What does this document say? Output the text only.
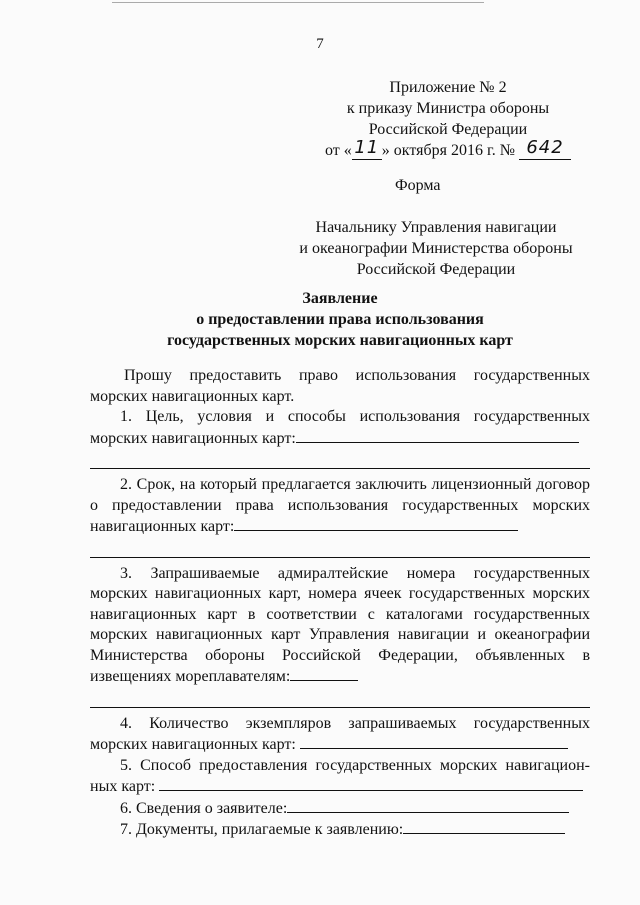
7
Приложение № 2
к приказу Министра обороны
Российской Федерации
от « 11 » октября 2016 г. № 642
Форма
Начальнику Управления навигации
и океанографии Министерства обороны
Российской Федерации
Заявление
о предоставлении права использования
государственных морских навигационных карт

Прошу предоставить право использования государственных морских навигационных карт.

1. Цель, условия и способы использования государственных морских навигационных карт:

2. Срок, на который предлагается заключить лицензионный договор о предоставлении права использования государственных морских навигационных карт:

3. Запрашиваемые адмиралтейские номера государственных морских навигационных карт, номера ячеек государственных морских навигационных карт в соответствии с каталогами государственных морских навигационных карт Управления навигации и океанографии Министерства обороны Российской Федерации, объявленных в извещениях мореплавателям:

4. Количество экземпляров запрашиваемых государственных морских навигационных карт:

5. Способ предоставления государственных морских навигацион-ных карт:

6. Сведения о заявителе:

7. Документы, прилагаемые к заявлению:
